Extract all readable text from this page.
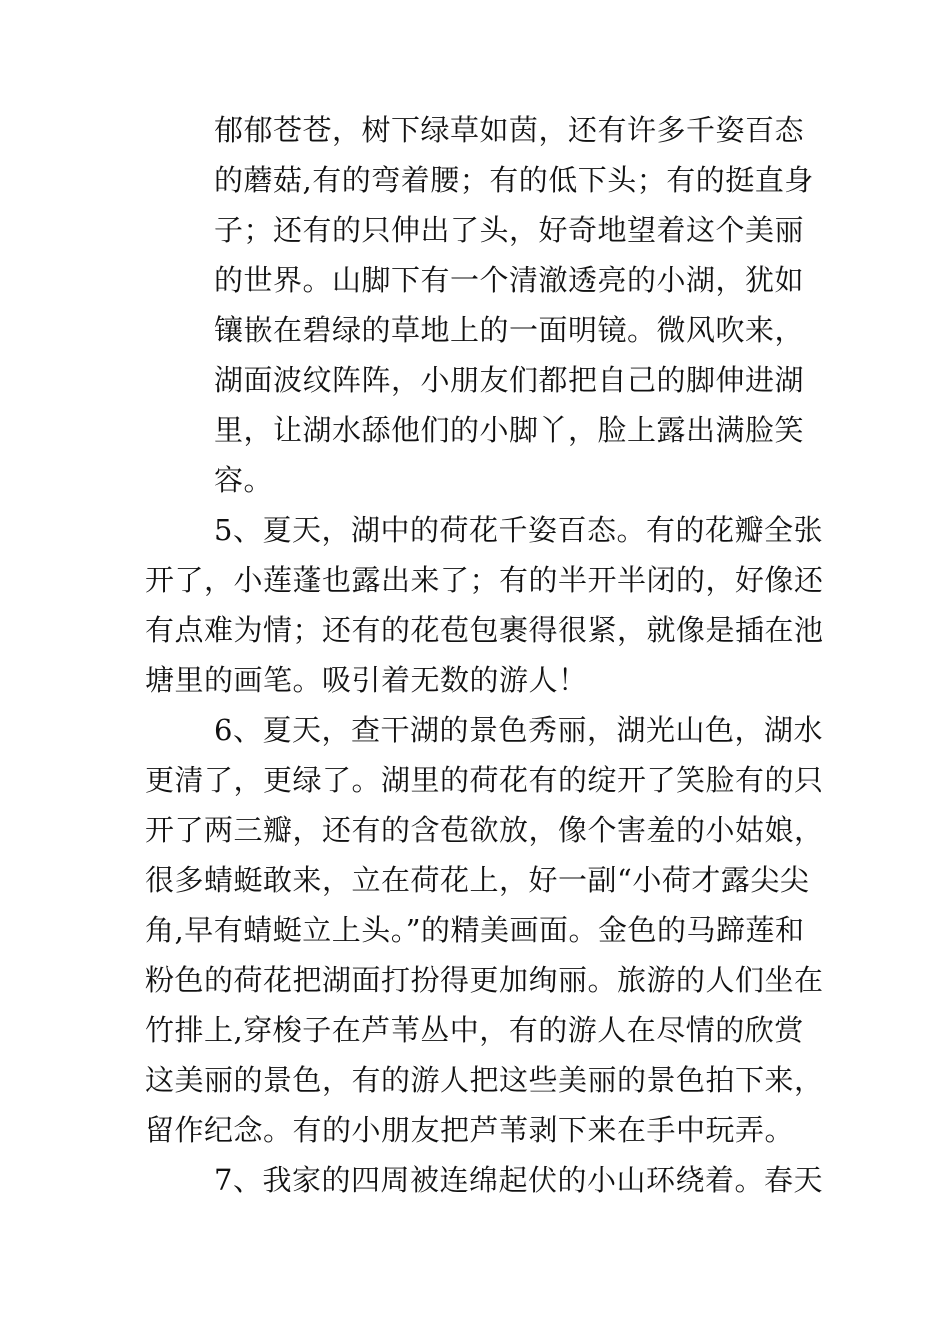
郁郁苍苍，树下绿草如茵，还有许多千姿百态
的蘑菇,有的弯着腰；有的低下头；有的挺直身
子；还有的只伸出了头，好奇地望着这个美丽
的世界。山脚下有一个清澈透亮的小湖，犹如
镶嵌在碧绿的草地上的一面明镜。微风吹来，
湖面波纹阵阵，小朋友们都把自己的脚伸进湖
里，让湖水舔他们的小脚丫，脸上露出满脸笑
容。
5、夏天，湖中的荷花千姿百态。有的花瓣全张
开了，小莲蓬也露出来了；有的半开半闭的，好像还
有点难为情；还有的花苞包裹得很紧，就像是插在池
塘里的画笔。吸引着无数的游人！
6、夏天，查干湖的景色秀丽，湖光山色，湖水
更清了，更绿了。湖里的荷花有的绽开了笑脸有的只
开了两三瓣，还有的含苞欲放，像个害羞的小姑娘，
很多蜻蜓敢来，立在荷花上，好一副“小荷才露尖尖
角,早有蜻蜓立上头。”的精美画面。金色的马蹄莲和
粉色的荷花把湖面打扮得更加绚丽。旅游的人们坐在
竹排上,穿梭子在芦苇丛中，有的游人在尽情的欣赏
这美丽的景色，有的游人把这些美丽的景色拍下来，
留作纪念。有的小朋友把芦苇剥下来在手中玩弄。
7、我家的四周被连绵起伏的小山环绕着。春天
